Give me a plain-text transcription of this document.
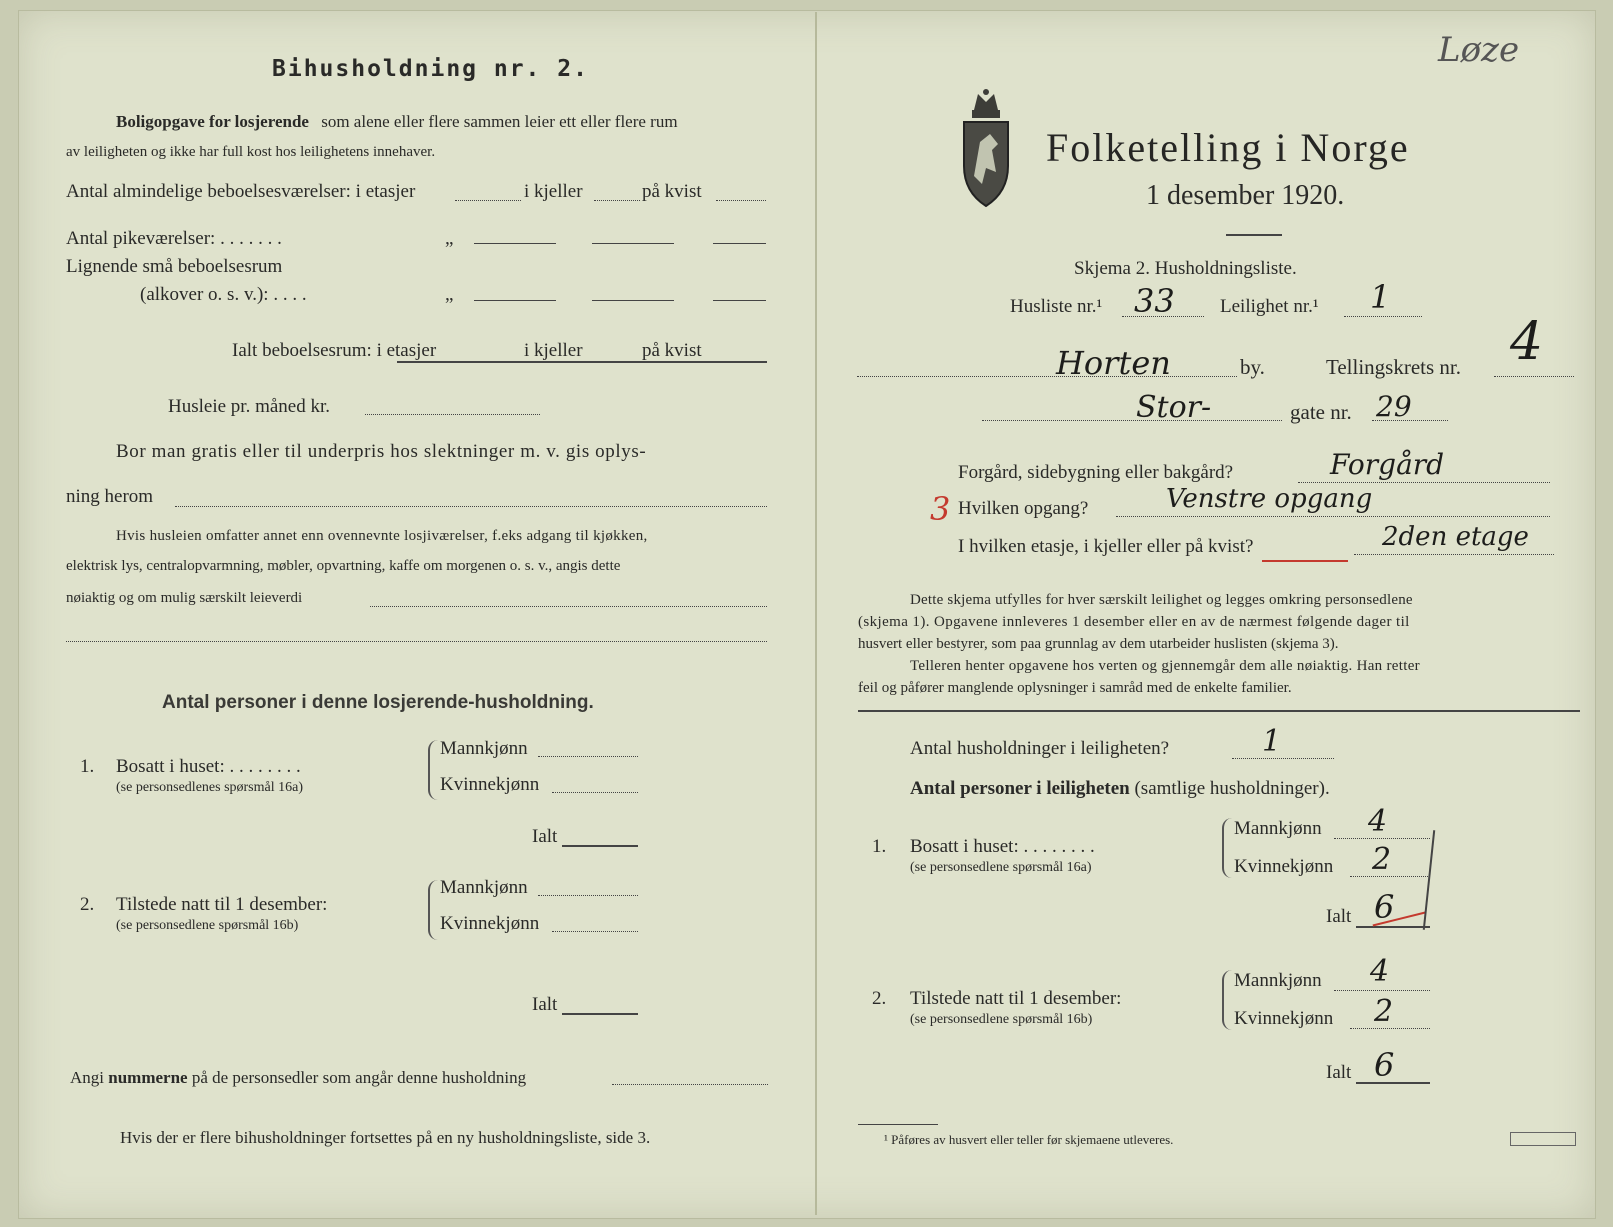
Bihusholdning nr. 2.
Boligopgave for losjerende som alene eller flere sammen leier ett eller flere rum
av leiligheten og ikke har full kost hos leilighetens innehaver.
Antal almindelige beboelsesværelser: i etasjer	i kjeller	på kvist
Antal pikeværelser: . . . . . . .	„
Lignende små beboelsesrum
(alkover o. s. v.): . . . .	„
Ialt beboelsesrum: i etasjer	i kjeller	på kvist
Husleie pr. måned kr.
Bor man gratis eller til underpris hos slektninger m. v. gis oplys-
ning herom
Hvis husleien omfatter annet enn ovennevnte losjiværelser, f.eks adgang til kjøkken,
elektrisk lys, centralopvarmning, møbler, opvartning, kaffe om morgenen o. s. v., angis dette
nøiaktig og om mulig særskilt leieverdi
Antal personer i denne losjerende-husholdning.
1. Bosatt i huset: . . . . . . . .
(se personsedlenes spørsmål 16a)
Mannkjønn
Kvinnekjønn
Ialt
2. Tilstede natt til 1 desember:
(se personsedlene spørsmål 16b)
Mannkjønn
Kvinnekjønn
Ialt
Angi nummerne på de personsedler som angår denne husholdning
Hvis der er flere bihusholdninger fortsettes på en ny husholdningsliste, side 3.
Løze
Folketelling i Norge
1 desember 1920.
Skjema 2. Husholdningsliste.
Husliste nr.¹ 33 Leilighet nr.¹ 1
Horten	by.	Tellingskrets nr. 4
Stor-	gate nr. 29
Forgård, sidebygning eller bakgård?	Forgård
3 Hvilken opgang?	Venstre opgang
I hvilken etasje, i kjeller eller på kvist?	2den etage
Dette skjema utfylles for hver særskilt leilighet og legges omkring personsedlene
(skjema 1). Opgavene innleveres 1 desember eller en av de nærmest følgende dager til
husvert eller bestyrer, som paa grunnlag av dem utarbeider huslisten (skjema 3).
Telleren henter opgavene hos verten og gjennemgår dem alle nøiaktig. Han retter
feil og påfører manglende oplysninger i samråd med de enkelte familier.
Antal husholdninger i leiligheten?	1
Antal personer i leiligheten (samtlige husholdninger).
1. Bosatt i huset: . . . . . . . .
(se personsedlene spørsmål 16a)
Mannkjønn 4
Kvinnekjønn 2
Ialt 6
2. Tilstede natt til 1 desember:
(se personsedlene spørsmål 16b)
Mannkjønn 4
Kvinnekjønn 2
Ialt 6
¹ Påføres av husvert eller teller før skjemaene utleveres.
